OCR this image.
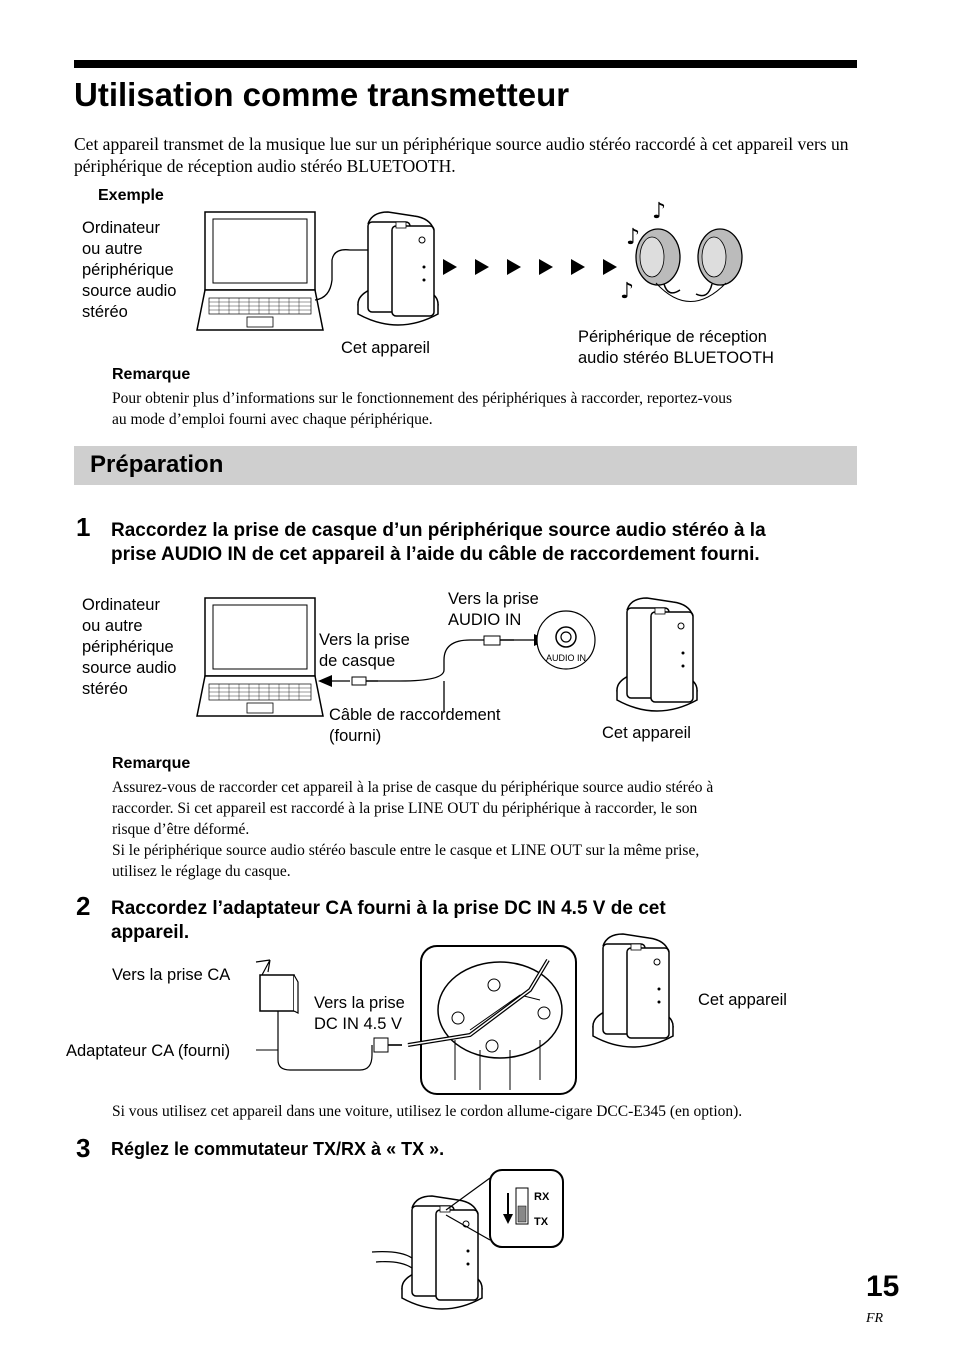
Utilisation comme transmetteur
Cet appareil transmet de la musique lue sur un périphérique source audio stéréo raccordé à cet appareil vers un périphérique de réception audio stéréo BLUETOOTH.
Exemple
Ordinateur
ou autre
périphérique
source audio
stéréo
Cet appareil
Périphérique de réception
audio stéréo BLUETOOTH
Remarque
Pour obtenir plus d’informations sur le fonctionnement des périphériques à raccorder, reportez-vous
au mode d’emploi fourni avec chaque périphérique.
Préparation
1 Raccordez la prise de casque d’un périphérique source audio stéréo à la
prise AUDIO IN de cet appareil à l’aide du câble de raccordement fourni.
Ordinateur
ou autre
périphérique
source audio
stéréo
Vers la prise
de casque
Vers la prise
AUDIO IN
Câble de raccordement
(fourni)	Cet appareil
Remarque
Assurez-vous de raccorder cet appareil à la prise de casque du périphérique source audio stéréo à
raccorder. Si cet appareil est raccordé à la prise LINE OUT du périphérique à raccorder, le son
risque d’être déformé.
Si le périphérique source audio stéréo bascule entre le casque et LINE OUT sur la même prise,
utilisez le réglage du casque.
2 Raccordez l’adaptateur CA fourni à la prise DC IN 4.5 V de cet
appareil.
Vers la prise CA
Adaptateur CA (fourni)
Vers la prise
DC IN 4.5 V
Cet appareil
Si vous utilisez cet appareil dans une voiture, utilisez le cordon allume-cigare DCC-E345 (en option).
3 Réglez le commutateur TX/RX à « TX ».
15
FR
♪
♪
♪
AUDIO IN
RX
TX
